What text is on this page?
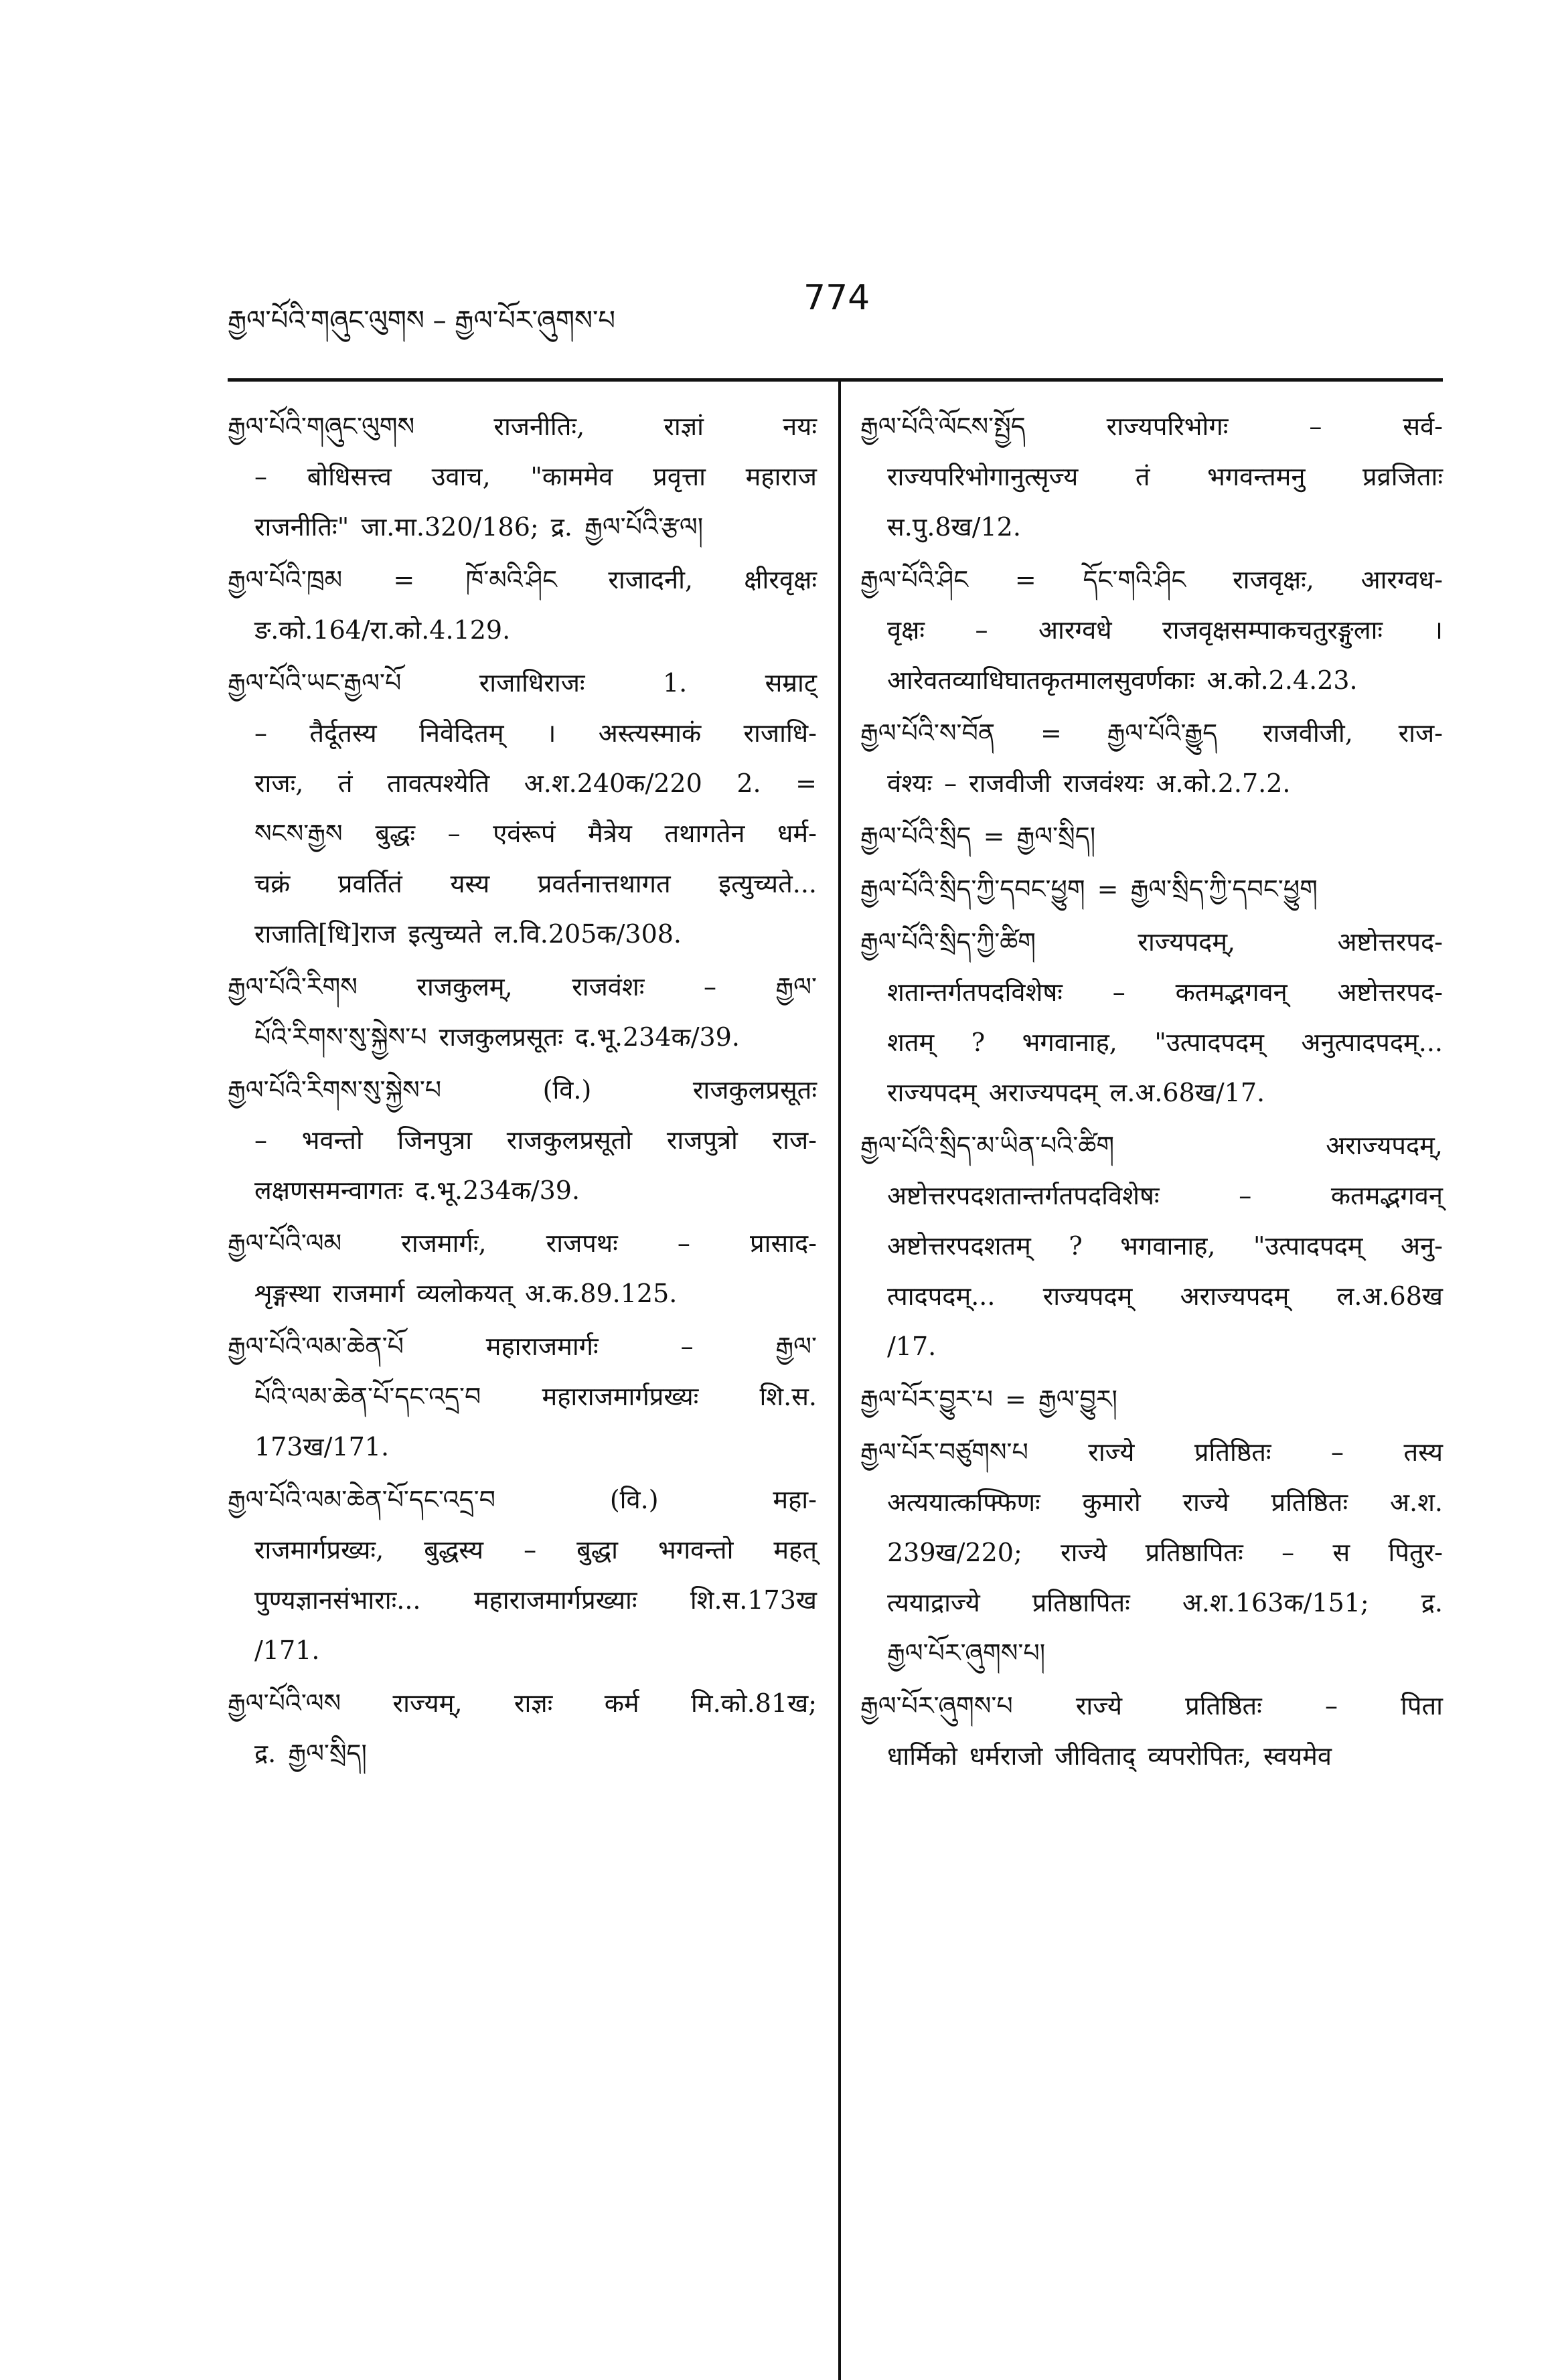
རྒྱལ་པོའི་གཞུང་ལུགས – རྒྱལ་པོར་ཞུགས་པ
774
རྒྱལ་པོའི་གཞུང་ལུགས राजनीतिः, राज्ञां नयः
– बोधिसत्त्व उवाच, "काममेव प्रवृत्ता महाराज
राजनीतिः" जा.मा.320/186; द्र. རྒྱལ་པོའི་རྩལ།
རྒྱལ་པོའི་ཁྲམ = ཁོ་མའི་ཤིང राजादनी, क्षीरवृक्षः
ङ.को.164/रा.को.4.129.
རྒྱལ་པོའི་ཡང་རྒྱལ་པོ राजाधिराजः 1. सम्राट्
– तैर्दूतस्य निवेदितम् । अस्त्यस्माकं राजाधि-
राजः, तं तावत्पश्येति अ.श.240क/220 2. =
སངས་རྒྱས बुद्धः – एवंरूपं मैत्रेय तथागतेन धर्म-
चक्रं प्रवर्तितं यस्य प्रवर्तनात्तथागत इत्युच्यते...
राजाति[धि]राज इत्युच्यते ल.वि.205क/308.
རྒྱལ་པོའི་རིགས राजकुलम्, राजवंशः – རྒྱལ་
པོའི་རིགས་སུ་སྐྱེས་པ राजकुलप्रसूतः द.भू.234क/39.
རྒྱལ་པོའི་རིགས་སུ་སྐྱེས་པ (वि.) राजकुलप्रसूतः
– भवन्तो जिनपुत्रा राजकुलप्रसूतो राजपुत्रो राज-
लक्षणसमन्वागतः द.भू.234क/39.
རྒྱལ་པོའི་ལམ राजमार्गः, राजपथः – प्रासाद-
शृङ्गस्था राजमार्ग व्यलोकयत् अ.क.89.125.
རྒྱལ་པོའི་ལམ་ཆེན་པོ महाराजमार्गः – རྒྱལ་
པོའི་ལམ་ཆེན་པོ་དང་འདྲ་བ महाराजमार्गप्रख्यः शि.स.
173ख/171.
རྒྱལ་པོའི་ལམ་ཆེན་པོ་དང་འདྲ་བ (वि.) महा-
राजमार्गप्रख्यः, बुद्धस्य – बुद्धा भगवन्तो महत्
पुण्यज्ञानसंभाराः... महाराजमार्गप्रख्याः शि.स.173ख
/171.
རྒྱལ་པོའི་ལས राज्यम्, राज्ञः कर्म मि.को.81ख;
द्र. རྒྱལ་སྲིད།
རྒྱལ་པོའི་ལོངས་སྤྱོད राज्यपरिभोगः – सर्व-
राज्यपरिभोगानुत्सृज्य तं भगवन्तमनु प्रव्रजिताः
स.पु.8ख/12.
རྒྱལ་པོའི་ཤིང = དོང་གའི་ཤིང राजवृक्षः, आरग्वध-
वृक्षः – आरग्वधे राजवृक्षसम्पाकचतुरङ्गुलाः ।
आरेवतव्याधिघातकृतमालसुवर्णकाः अ.को.2.4.23.
རྒྱལ་པོའི་ས་བོན = རྒྱལ་པོའི་རྒྱུད राजवीजी, राज-
वंश्यः – राजवीजी राजवंश्यः अ.को.2.7.2.
རྒྱལ་པོའི་སྲིད = རྒྱལ་སྲིད།
རྒྱལ་པོའི་སྲིད་ཀྱི་དབང་ཕྱུག = རྒྱལ་སྲིད་ཀྱི་དབང་ཕྱུག
རྒྱལ་པོའི་སྲིད་ཀྱི་ཚིག राज्यपदम्, अष्टोत्तरपद-
शतान्तर्गतपदविशेषः – कतमद्भगवन् अष्टोत्तरपद-
शतम् ? भगवानाह, "उत्पादपदम् अनुत्पादपदम्...
राज्यपदम् अराज्यपदम् ल.अ.68ख/17.
རྒྱལ་པོའི་སྲིད་མ་ཡིན་པའི་ཚིག अराज्यपदम्,
अष्टोत्तरपदशतान्तर्गतपदविशेषः – कतमद्भगवन्
अष्टोत्तरपदशतम् ? भगवानाह, "उत्पादपदम् अनु-
त्पादपदम्... राज्यपदम् अराज्यपदम् ल.अ.68ख
/17.
རྒྱལ་པོར་བྱུར་པ = རྒྱལ་བྱུར།
རྒྱལ་པོར་བཙུགས་པ राज्ये प्रतिष्ठितः – तस्य
अत्ययात्कफ्फिणः कुमारो राज्ये प्रतिष्ठितः अ.श.
239ख/220; राज्ये प्रतिष्ठापितः – स पितुर-
त्ययाद्राज्ये प्रतिष्ठापितः अ.श.163क/151; द्र.
རྒྱལ་པོར་ཞུགས་པ།
རྒྱལ་པོར་ཞུགས་པ राज्ये प्रतिष्ठितः – पिता
धार्मिको धर्मराजो जीविताद् व्यपरोपितः, स्वयमेव
